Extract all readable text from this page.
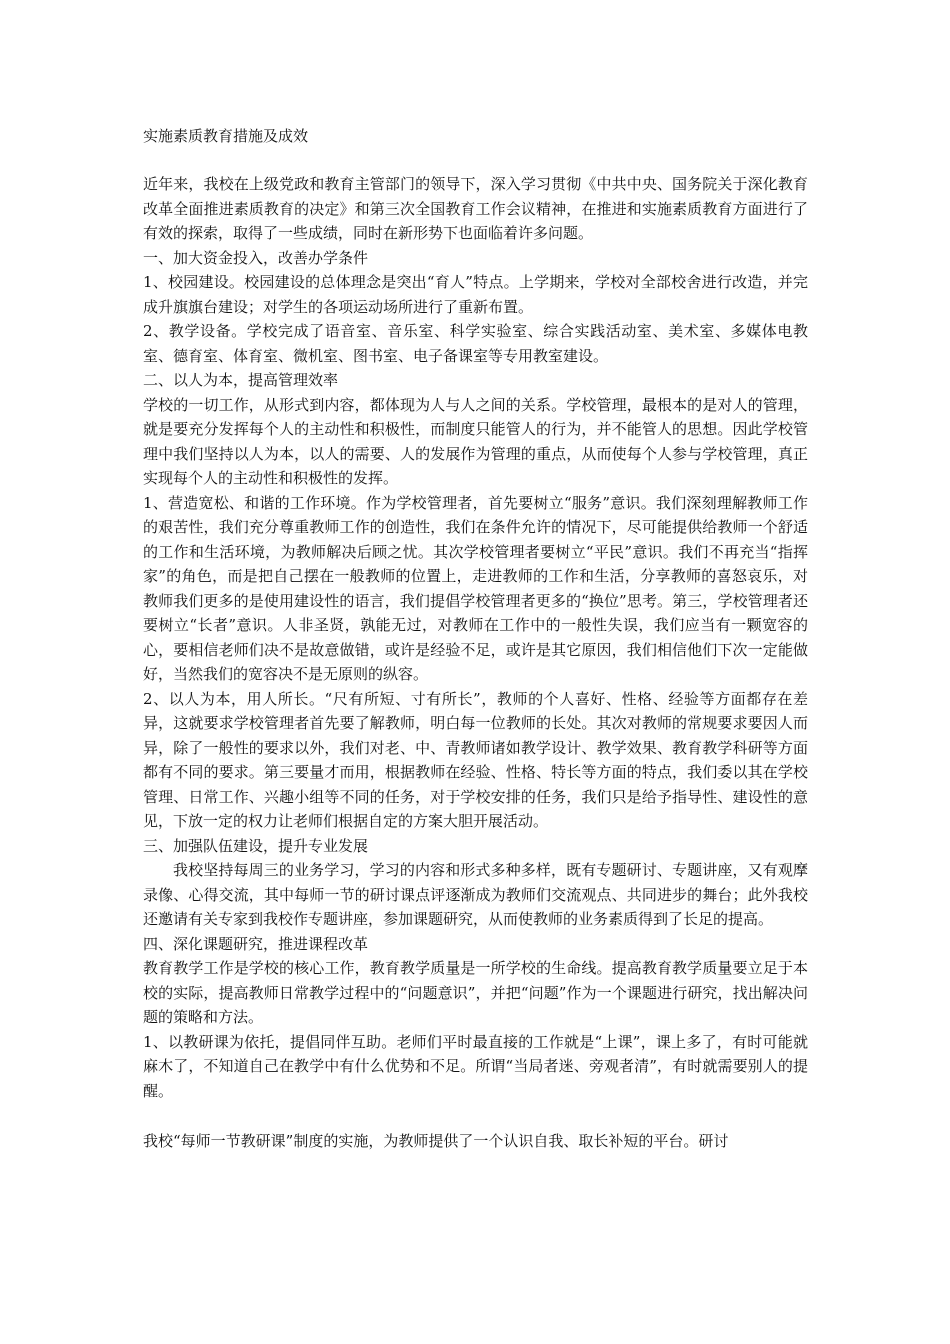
实施素质教育措施及成效

近年来，我校在上级党政和教育主管部门的领导下，深入学习贯彻《中共中央、国务院关于深化教育改革全面推进素质教育的决定》和第三次全国教育工作会议精神，在推进和实施素质教育方面进行了有效的探索，取得了一些成绩，同时在新形势下也面临着许多问题。

一、加大资金投入，改善办学条件

1、校园建设。校园建设的总体理念是突出“育人”特点。上学期来，学校对全部校舍进行改造，并完成升旗旗台建设；对学生的各项运动场所进行了重新布置。

2、教学设备。学校完成了语音室、音乐室、科学实验室、综合实践活动室、美术室、多媒体电教室、德育室、体育室、微机室、图书室、电子备课室等专用教室建设。

二、以人为本，提高管理效率

学校的一切工作，从形式到内容，都体现为人与人之间的关系。学校管理，最根本的是对人的管理，就是要充分发挥每个人的主动性和积极性，而制度只能管人的行为，并不能管人的思想。因此学校管理中我们坚持以人为本，以人的需要、人的发展作为管理的重点，从而使每个人参与学校管理，真正实现每个人的主动性和积极性的发挥。

1、营造宽松、和谐的工作环境。作为学校管理者，首先要树立“服务”意识。我们深刻理解教师工作的艰苦性，我们充分尊重教师工作的创造性，我们在条件允许的情况下，尽可能提供给教师一个舒适的工作和生活环境，为教师解决后顾之忧。其次学校管理者要树立“平民”意识。我们不再充当“指挥家”的角色，而是把自己摆在一般教师的位置上，走进教师的工作和生活，分享教师的喜怒哀乐，对教师我们更多的是使用建设性的语言，我们提倡学校管理者更多的“换位”思考。第三，学校管理者还要树立“长者”意识。人非圣贤，孰能无过，对教师在工作中的一般性失误，我们应当有一颗宽容的心，要相信老师们决不是故意做错，或许是经验不足，或许是其它原因，我们相信他们下次一定能做好，当然我们的宽容决不是无原则的纵容。

2、以人为本，用人所长。“尺有所短、寸有所长”，教师的个人喜好、性格、经验等方面都存在差异，这就要求学校管理者首先要了解教师，明白每一位教师的长处。其次对教师的常规要求要因人而异，除了一般性的要求以外，我们对老、中、青教师诸如教学设计、教学效果、教育教学科研等方面都有不同的要求。第三要量才而用，根据教师在经验、性格、特长等方面的特点，我们委以其在学校管理、日常工作、兴趣小组等不同的任务，对于学校安排的任务，我们只是给予指导性、建设性的意见，下放一定的权力让老师们根据自定的方案大胆开展活动。

三、加强队伍建设，提升专业发展

我校坚持每周三的业务学习，学习的内容和形式多种多样，既有专题研讨、专题讲座，又有观摩录像、心得交流，其中每师一节的研讨课点评逐渐成为教师们交流观点、共同进步的舞台；此外我校还邀请有关专家到我校作专题讲座，参加课题研究，从而使教师的业务素质得到了长足的提高。

四、深化课题研究，推进课程改革

教育教学工作是学校的核心工作，教育教学质量是一所学校的生命线。提高教育教学质量要立足于本校的实际，提高教师日常教学过程中的“问题意识”，并把“问题”作为一个课题进行研究，找出解决问题的策略和方法。

1、以教研课为依托，提倡同伴互助。老师们平时最直接的工作就是“上课”，课上多了，有时可能就麻木了，不知道自己在教学中有什么优势和不足。所谓“当局者迷、旁观者清”，有时就需要别人的提醒。

我校“每师一节教研课”制度的实施，为教师提供了一个认识自我、取长补短的平台。研讨
